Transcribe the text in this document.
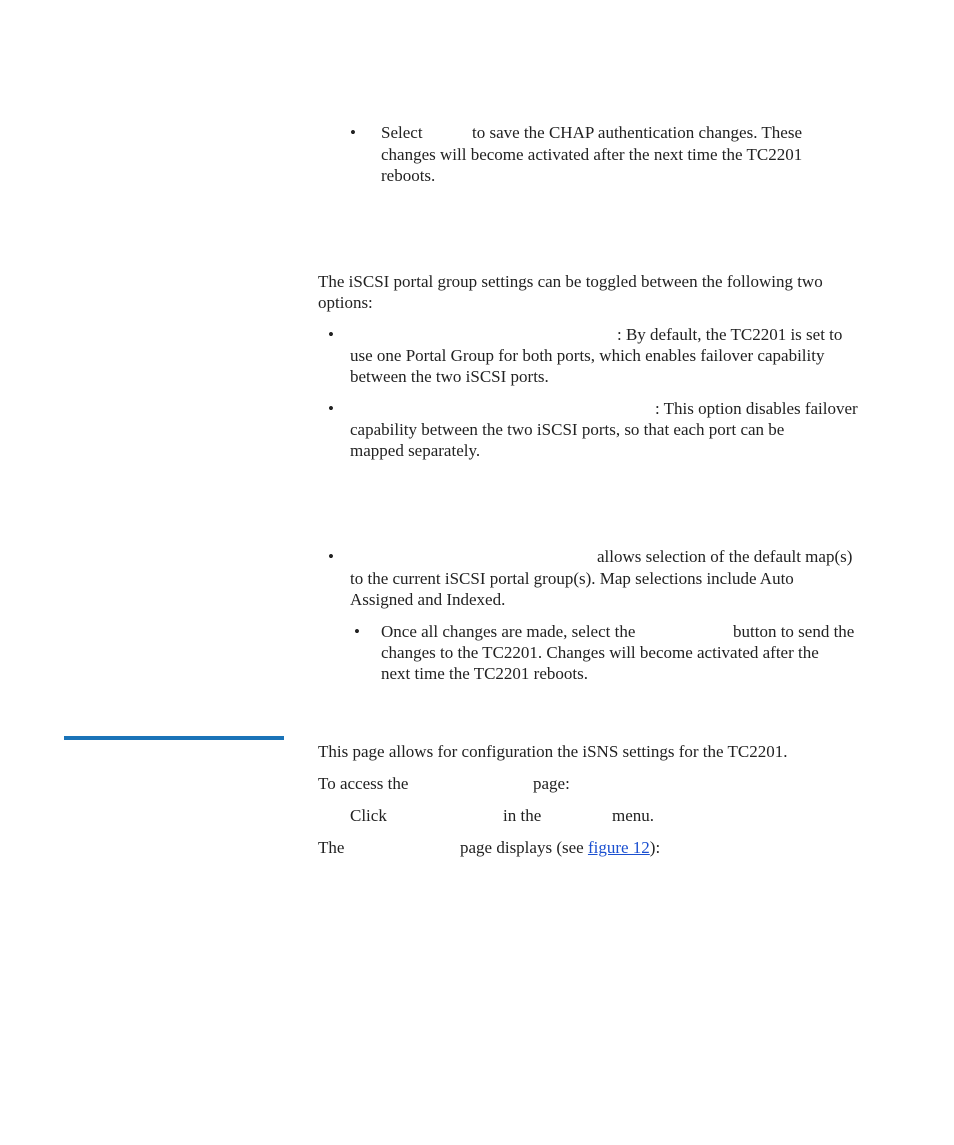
• Select	to save the CHAP authentication changes. These
changes will become activated after the next time the TC2201
reboots.
The iSCSI portal group settings can be toggled between the following two
options:
•	: By default, the TC2201 is set to
use one Portal Group for both ports, which enables failover capability
between the two iSCSI ports.
•	: This option disables failover
capability between the two iSCSI ports, so that each port can be
mapped separately.
•	allows selection of the default map(s)
to the current iSCSI portal group(s). Map selections include Auto
Assigned and Indexed.
• Once all changes are made, select the	button to send the
changes to the TC2201. Changes will become activated after the
next time the TC2201 reboots.
This page allows for configuration the iSNS settings for the TC2201.
To access the	page:
Click	in the	menu.
The	page displays (see figure 12):
